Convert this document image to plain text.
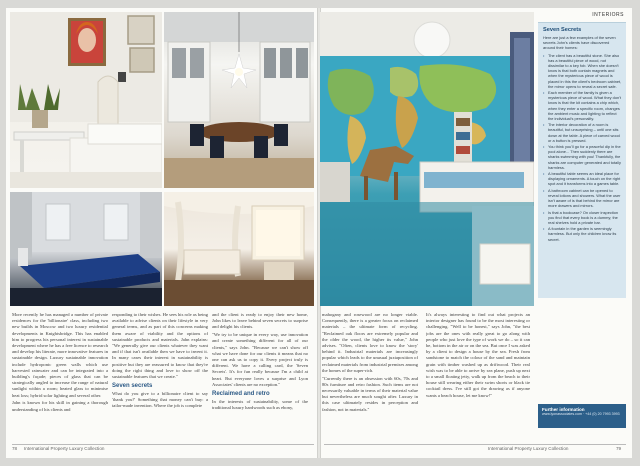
More recently he has managed a number of private residences for the 'billionaire' class, including two new builds in Moscow and two luxury residential developments in Knightsbridge. This has enabled him to progress his personal interest in sustainable development where he has a free licence to research and develop his literate, more innovative features in sustainable design. Luxury sustainable innovation include hydroponic green walls which use harvested rainwater and can be integrated into a building's façade; pieces of glass that can be strategically angled to increase the range of natural sunlight within a room; heated glass to minimise heat loss; hybrid solar lighting and several other.

Jahn is known for his skill in gaining a thorough understanding of his clients and

responding to their wishes. He sees his role as being available to advise clients on their lifestyle in very general terms, and as part of this concerns making them aware of viability and the options of sustainable products and materials. Jahn explains: "We generally give our clients whatever they want and if that isn't available then we have to invent it. In many cases their interest in sustainability is positive but they are reassured to know that they're doing the right thing and love to show off the sustainable features that we create."

Seven secrets

What do you give to a billionaire client to say 'thank you?' Something that money can't buy: a tailor-made invention. Where the job is complete

and the client is ready to enjoy their new home, John likes to leave behind seven secrets to surprise and delight his clients.

"We try to be unique in every way, use innovation and create something different for all of our clients," says John. "Because we can't show off what we have done for our clients it means that no one can ask us to copy it. Every project truly is different. We have a calling card, the 'Seven Secrets'. It's for fun really because I'm a child at heart. But everyone loves a surprise and Lyon Associates' clients are no exception."

Reclaimed and retro

In the interests of sustainability, some of the traditional luxury hardwoods such as ebony,

mahogany and rosewood are no longer viable. Consequently, there is a greater focus on reclaimed materials – the ultimate form of recycling. "Reclaimed oak floors are extremely popular and the older the wood, the higher its value," John advises. "Often, clients love to know the 'story' behind it. Industrial materials are increasingly popular which leads to the unusual juxtaposition of reclaimed materials from industrial premises among the homes of the super-rich.

"Currently there is an obsession with 60s, 70s and 80s furniture and retro fashion. Such items are not necessarily valuable in terms of their material value but nevertheless are much sought after. Luxury in this case ultimately resides in perception and fashion, not in materials."

It's always interesting to find out what projects an interior designer has found to be the most interesting or challenging. "Well to be honest," says John, "the best jobs are the ones with really great to go along with people who just love the type of work we do – so it can be, bottom in the air or on the sea. But once I was asked by a client to design a house by the sea. Fresh from sandstone to match the colour of the sand and maintain grain with timber washed up as driftwood. Their real wish was to be able to arrive by sea plane, push up next to a small floating jetty, walk up from the beach to their house still wearing either their swim shorts or black tie cocktail dress. I've still got the drawing as if anyone wants a beach house, let me know!"

INTERIORS
Seven Secrets
Here are just a few examples of the seven secrets John's clients have discovered around their homes:
• The client has a beautiful stone. She also has a beautiful piece of wood, not dissimilar to a key fob. When she doesn't know is that both contain magnets and when the mysterious piece of wood is placed in this the client's bedroom cabinet, the mirror opens to reveal a secret safe.
• Each member of the family is given a mysterious piece of wood. What they don't know is that the kit contains a chip which, when they enter a specific room, changes the ambient music and lighting to reflect the individual's personality.
• The interior decoration of a room is beautiful, but unsurprising – until one sits down at the table. A piece of carved wood or a button is pressed.
• You think you'll go for a peaceful dip in the pool alone... Then suddenly there are sharks swimming with you! Thankfully, the sharks are computer generated and totally harmless.
• A beautiful table seems an ideal place for displaying ornaments. A touch on the right spot and it transforms into a games table.
• A bathroom cabinet can be opened to reveal lotions and showers. What the user isn't aware of is that behind the mirror are more drawers and mirrors.
• Is that a bookcase? On closer inspection you find that every book is a dummy; the real shelves hold a private bar.
• A fountain in the garden is seemingly harmless. But only the children know its secret.
Further information
www.lyonassociates.com · +44 (0) 20 7993 3993
78 International Property Luxury Collection	International Property Luxury Collection	79
